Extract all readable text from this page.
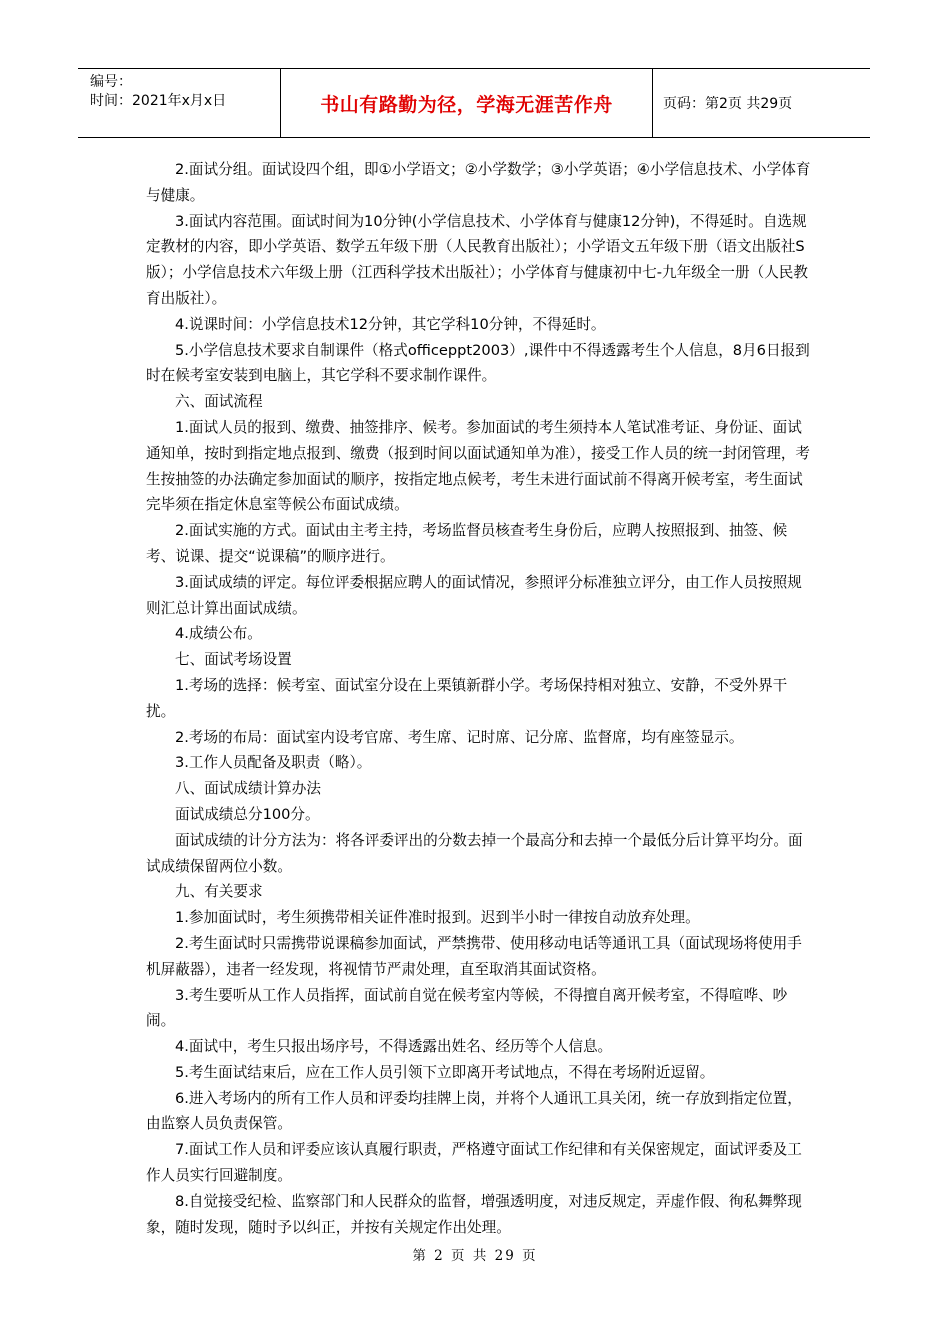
编号：
时间：2021年x月x日	书山有路勤为径，学海无涯苦作舟	页码：第2页 共29页
2.面试分组。面试设四个组，即①小学语文；②小学数学；③小学英语；④小学信息技术、小学体育与健康。
3.面试内容范围。面试时间为10分钟(小学信息技术、小学体育与健康12分钟)，不得延时。自选规定教材的内容，即小学英语、数学五年级下册（人民教育出版社）；小学语文五年级下册（语文出版社S版）；小学信息技术六年级上册（江西科学技术出版社）；小学体育与健康初中七-九年级全一册（人民教育出版社）。
4.说课时间：小学信息技术12分钟，其它学科10分钟，不得延时。
5.小学信息技术要求自制课件（格式officeppt2003）,课件中不得透露考生个人信息，8月6日报到时在候考室安装到电脑上，其它学科不要求制作课件。
六、面试流程
1.面试人员的报到、缴费、抽签排序、候考。参加面试的考生须持本人笔试准考证、身份证、面试通知单，按时到指定地点报到、缴费（报到时间以面试通知单为准），接受工作人员的统一封闭管理，考生按抽签的办法确定参加面试的顺序，按指定地点候考，考生未进行面试前不得离开候考室，考生面试完毕须在指定休息室等候公布面试成绩。
2.面试实施的方式。面试由主考主持，考场监督员核查考生身份后，应聘人按照报到、抽签、候考、说课、提交“说课稿”的顺序进行。
3.面试成绩的评定。每位评委根据应聘人的面试情况，参照评分标准独立评分，由工作人员按照规则汇总计算出面试成绩。
4.成绩公布。
七、面试考场设置
1.考场的选择：候考室、面试室分设在上栗镇新群小学。考场保持相对独立、安静，不受外界干扰。
2.考场的布局：面试室内设考官席、考生席、记时席、记分席、监督席，均有座签显示。
3.工作人员配备及职责（略）。
八、面试成绩计算办法
面试成绩总分100分。
面试成绩的计分方法为：将各评委评出的分数去掉一个最高分和去掉一个最低分后计算平均分。面试成绩保留两位小数。
九、有关要求
1.参加面试时，考生须携带相关证件准时报到。迟到半小时一律按自动放弃处理。
2.考生面试时只需携带说课稿参加面试，严禁携带、使用移动电话等通讯工具（面试现场将使用手机屏蔽器），违者一经发现，将视情节严肃处理，直至取消其面试资格。
3.考生要听从工作人员指挥，面试前自觉在候考室内等候，不得擅自离开候考室，不得喧哗、吵闹。
4.面试中，考生只报出场序号，不得透露出姓名、经历等个人信息。
5.考生面试结束后，应在工作人员引领下立即离开考试地点，不得在考场附近逗留。
6.进入考场内的所有工作人员和评委均挂牌上岗，并将个人通讯工具关闭，统一存放到指定位置，由监察人员负责保管。
7.面试工作人员和评委应该认真履行职责，严格遵守面试工作纪律和有关保密规定，面试评委及工作人员实行回避制度。
8.自觉接受纪检、监察部门和人民群众的监督，增强透明度，对违反规定，弄虚作假、徇私舞弊现象，随时发现，随时予以纠正，并按有关规定作出处理。
第 2 页 共 29 页
